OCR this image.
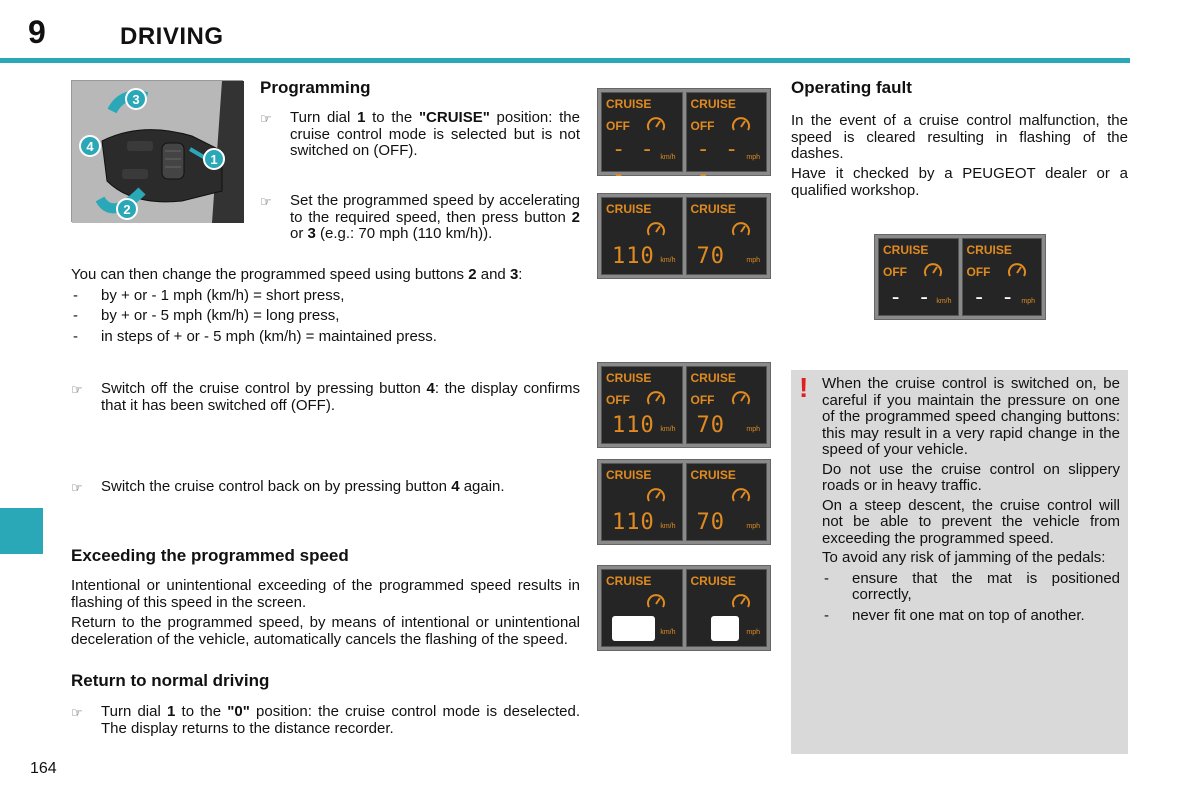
9	DRIVING
3
4
1
2
Programming
☞	Turn dial 1 to the "CRUISE" position: the cruise control mode is selected but is not switched on (OFF).
☞	Set the programmed speed by accelerating to the required speed, then press button 2 or 3 (e.g.: 70 mph (110 km/h)).
You can then change the programmed speed using buttons 2 and 3:
-	by + or - 1 mph (km/h) = short press,
-	by + or - 5 mph (km/h) = long press,
-	in steps of + or - 5 mph (km/h) = maintained press.
☞	Switch off the cruise control by pressing button 4: the display confirms that it has been switched off (OFF).
☞	Switch the cruise control back on by pressing button 4 again.
Exceeding the programmed speed
Intentional or unintentional exceeding of the programmed speed results in flashing of this speed in the screen.
Return to the programmed speed, by means of intentional or unintentional deceleration of the vehicle, automatically cancels the flashing of the speed.
Return to normal driving
☞	Turn dial 1 to the "0" position: the cruise control mode is deselected. The display returns to the distance recorder.
CRUISE
OFF
- - -
km/h
CRUISE
OFF
- - -
mph
CRUISE
110 km/h
CRUISE
70	mph
CRUISE
OFF
110 km/h
CRUISE
OFF
70	mph
CRUISE
110 km/h
CRUISE
70	mph
CRUISE
110 km/h
CRUISE
70 mph
Operating fault
In the event of a cruise control malfunction, the speed is cleared resulting in flashing of the dashes.
Have it checked by a PEUGEOT dealer or a qualified workshop.
CRUISE
OFF
- - -
km/h
CRUISE
OFF
- - -
mph
! When the cruise control is switched on, be careful if you maintain the pressure on one of the programmed speed changing buttons: this may result in a very rapid change in the speed of your vehicle.
Do not use the cruise control on slippery roads or in heavy traffic.
On a steep descent, the cruise control will not be able to prevent the vehicle from exceeding the programmed speed.
To avoid any risk of jamming of the pedals:
-	ensure that the mat is positioned correctly,
-	never fit one mat on top of another.
164
